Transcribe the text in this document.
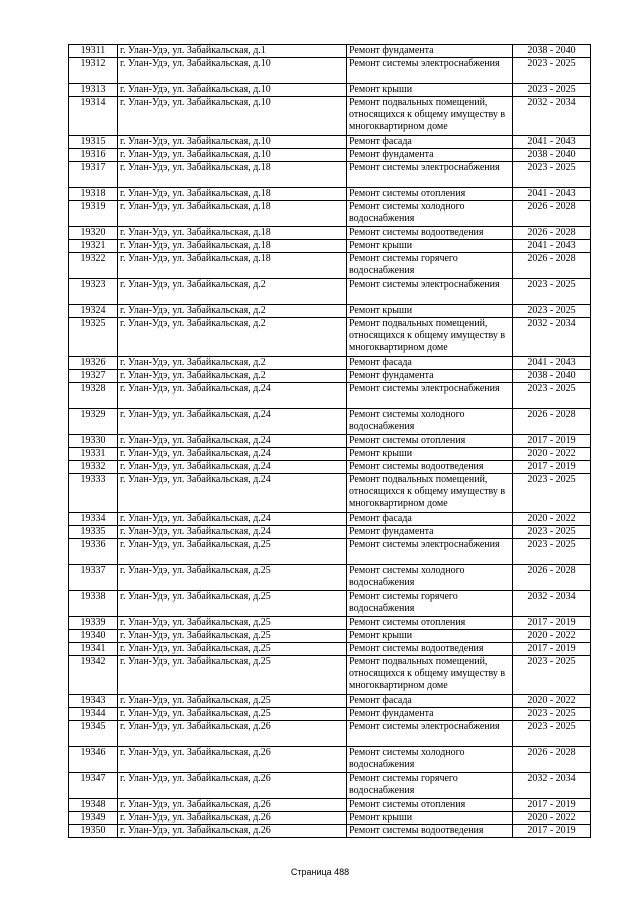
19311	г. Улан-Удэ, ул. Забайкальская, д.1	Ремонт фундамента	2038 - 2040
19312	г. Улан-Удэ, ул. Забайкальская, д.10	Ремонт системы электроснабжения	2023 - 2025
19313	г. Улан-Удэ, ул. Забайкальская, д.10	Ремонт крыши	2023 - 2025
19314	г. Улан-Удэ, ул. Забайкальская, д.10	Ремонт подвальных помещений, относящихся к общему имуществу в многоквартирном доме	2032 - 2034
19315	г. Улан-Удэ, ул. Забайкальская, д.10	Ремонт фасада	2041 - 2043
19316	г. Улан-Удэ, ул. Забайкальская, д.10	Ремонт фундамента	2038 - 2040
19317	г. Улан-Удэ, ул. Забайкальская, д.18	Ремонт системы электроснабжения	2023 - 2025
19318	г. Улан-Удэ, ул. Забайкальская, д.18	Ремонт системы отопления	2041 - 2043
19319	г. Улан-Удэ, ул. Забайкальская, д.18	Ремонт системы холодного водоснабжения	2026 - 2028
19320	г. Улан-Удэ, ул. Забайкальская, д.18	Ремонт системы водоотведения	2026 - 2028
19321	г. Улан-Удэ, ул. Забайкальская, д.18	Ремонт крыши	2041 - 2043
19322	г. Улан-Удэ, ул. Забайкальская, д.18	Ремонт системы горячего водоснабжения	2026 - 2028
19323	г. Улан-Удэ, ул. Забайкальская, д.2	Ремонт системы электроснабжения	2023 - 2025
19324	г. Улан-Удэ, ул. Забайкальская, д.2	Ремонт крыши	2023 - 2025
19325	г. Улан-Удэ, ул. Забайкальская, д.2	Ремонт подвальных помещений, относящихся к общему имуществу в многоквартирном доме	2032 - 2034
19326	г. Улан-Удэ, ул. Забайкальская, д.2	Ремонт фасада	2041 - 2043
19327	г. Улан-Удэ, ул. Забайкальская, д.2	Ремонт фундамента	2038 - 2040
19328	г. Улан-Удэ, ул. Забайкальская, д.24	Ремонт системы электроснабжения	2023 - 2025
19329	г. Улан-Удэ, ул. Забайкальская, д.24	Ремонт системы холодного водоснабжения	2026 - 2028
19330	г. Улан-Удэ, ул. Забайкальская, д.24	Ремонт системы отопления	2017 - 2019
19331	г. Улан-Удэ, ул. Забайкальская, д.24	Ремонт крыши	2020 - 2022
19332	г. Улан-Удэ, ул. Забайкальская, д.24	Ремонт системы водоотведения	2017 - 2019
19333	г. Улан-Удэ, ул. Забайкальская, д.24	Ремонт подвальных помещений, относящихся к общему имуществу в многоквартирном доме	2023 - 2025
19334	г. Улан-Удэ, ул. Забайкальская, д.24	Ремонт фасада	2020 - 2022
19335	г. Улан-Удэ, ул. Забайкальская, д.24	Ремонт фундамента	2023 - 2025
19336	г. Улан-Удэ, ул. Забайкальская, д.25	Ремонт системы электроснабжения	2023 - 2025
19337	г. Улан-Удэ, ул. Забайкальская, д.25	Ремонт системы холодного водоснабжения	2026 - 2028
19338	г. Улан-Удэ, ул. Забайкальская, д.25	Ремонт системы горячего водоснабжения	2032 - 2034
19339	г. Улан-Удэ, ул. Забайкальская, д.25	Ремонт системы отопления	2017 - 2019
19340	г. Улан-Удэ, ул. Забайкальская, д.25	Ремонт крыши	2020 - 2022
19341	г. Улан-Удэ, ул. Забайкальская, д.25	Ремонт системы водоотведения	2017 - 2019
19342	г. Улан-Удэ, ул. Забайкальская, д.25	Ремонт подвальных помещений, относящихся к общему имуществу в многоквартирном доме	2023 - 2025
19343	г. Улан-Удэ, ул. Забайкальская, д.25	Ремонт фасада	2020 - 2022
19344	г. Улан-Удэ, ул. Забайкальская, д.25	Ремонт фундамента	2023 - 2025
19345	г. Улан-Удэ, ул. Забайкальская, д.26	Ремонт системы электроснабжения	2023 - 2025
19346	г. Улан-Удэ, ул. Забайкальская, д.26	Ремонт системы холодного водоснабжения	2026 - 2028
19347	г. Улан-Удэ, ул. Забайкальская, д.26	Ремонт системы горячего водоснабжения	2032 - 2034
19348	г. Улан-Удэ, ул. Забайкальская, д.26	Ремонт системы отопления	2017 - 2019
19349	г. Улан-Удэ, ул. Забайкальская, д.26	Ремонт крыши	2020 - 2022
19350	г. Улан-Удэ, ул. Забайкальская, д.26	Ремонт системы водоотведения	2017 - 2019
Страница 488
